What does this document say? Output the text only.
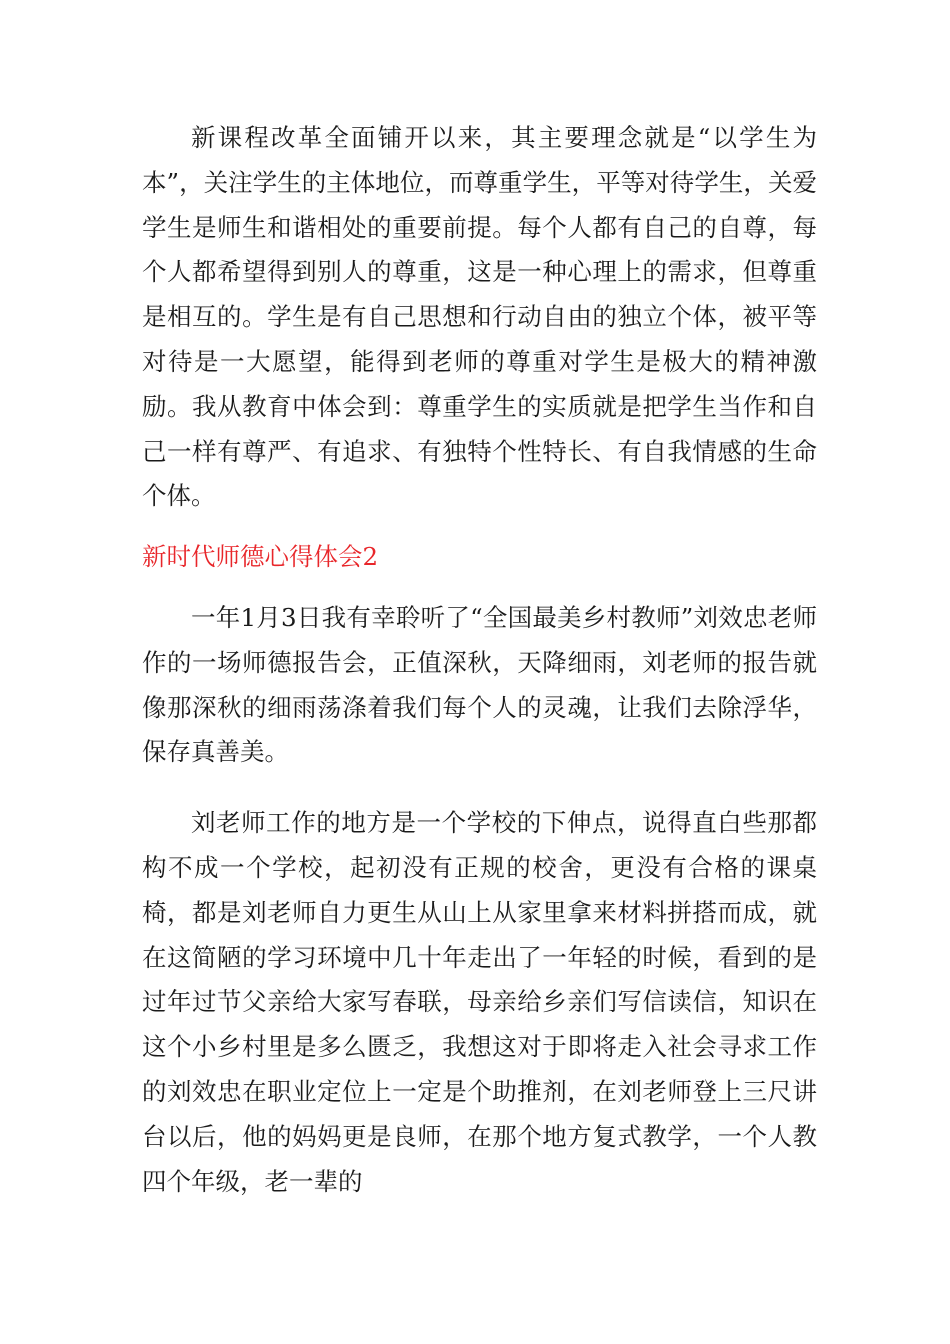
新课程改革全面铺开以来，其主要理念就是“以学生为本”，关注学生的主体地位，而尊重学生，平等对待学生，关爱学生是师生和谐相处的重要前提。每个人都有自己的自尊，每个人都希望得到别人的尊重，这是一种心理上的需求，但尊重是相互的。学生是有自己思想和行动自由的独立个体，被平等对待是一大愿望，能得到老师的尊重对学生是极大的精神激励。我从教育中体会到：尊重学生的实质就是把学生当作和自己一样有尊严、有追求、有独特个性特长、有自我情感的生命个体。

新时代师德心得体会2

一年1月3日我有幸聆听了“全国最美乡村教师”刘效忠老师作的一场师德报告会，正值深秋，天降细雨，刘老师的报告就像那深秋的细雨荡涤着我们每个人的灵魂，让我们去除浮华，保存真善美。

刘老师工作的地方是一个学校的下伸点，说得直白些那都构不成一个学校，起初没有正规的校舍，更没有合格的课桌椅，都是刘老师自力更生从山上从家里拿来材料拼搭而成，就在这简陋的学习环境中几十年走出了一年轻的时候，看到的是过年过节父亲给大家写春联，母亲给乡亲们写信读信，知识在这个小乡村里是多么匮乏，我想这对于即将走入社会寻求工作的刘效忠在职业定位上一定是个助推剂，在刘老师登上三尺讲台以后，他的妈妈更是良师，在那个地方复式教学，一个人教四个年级，老一辈的
